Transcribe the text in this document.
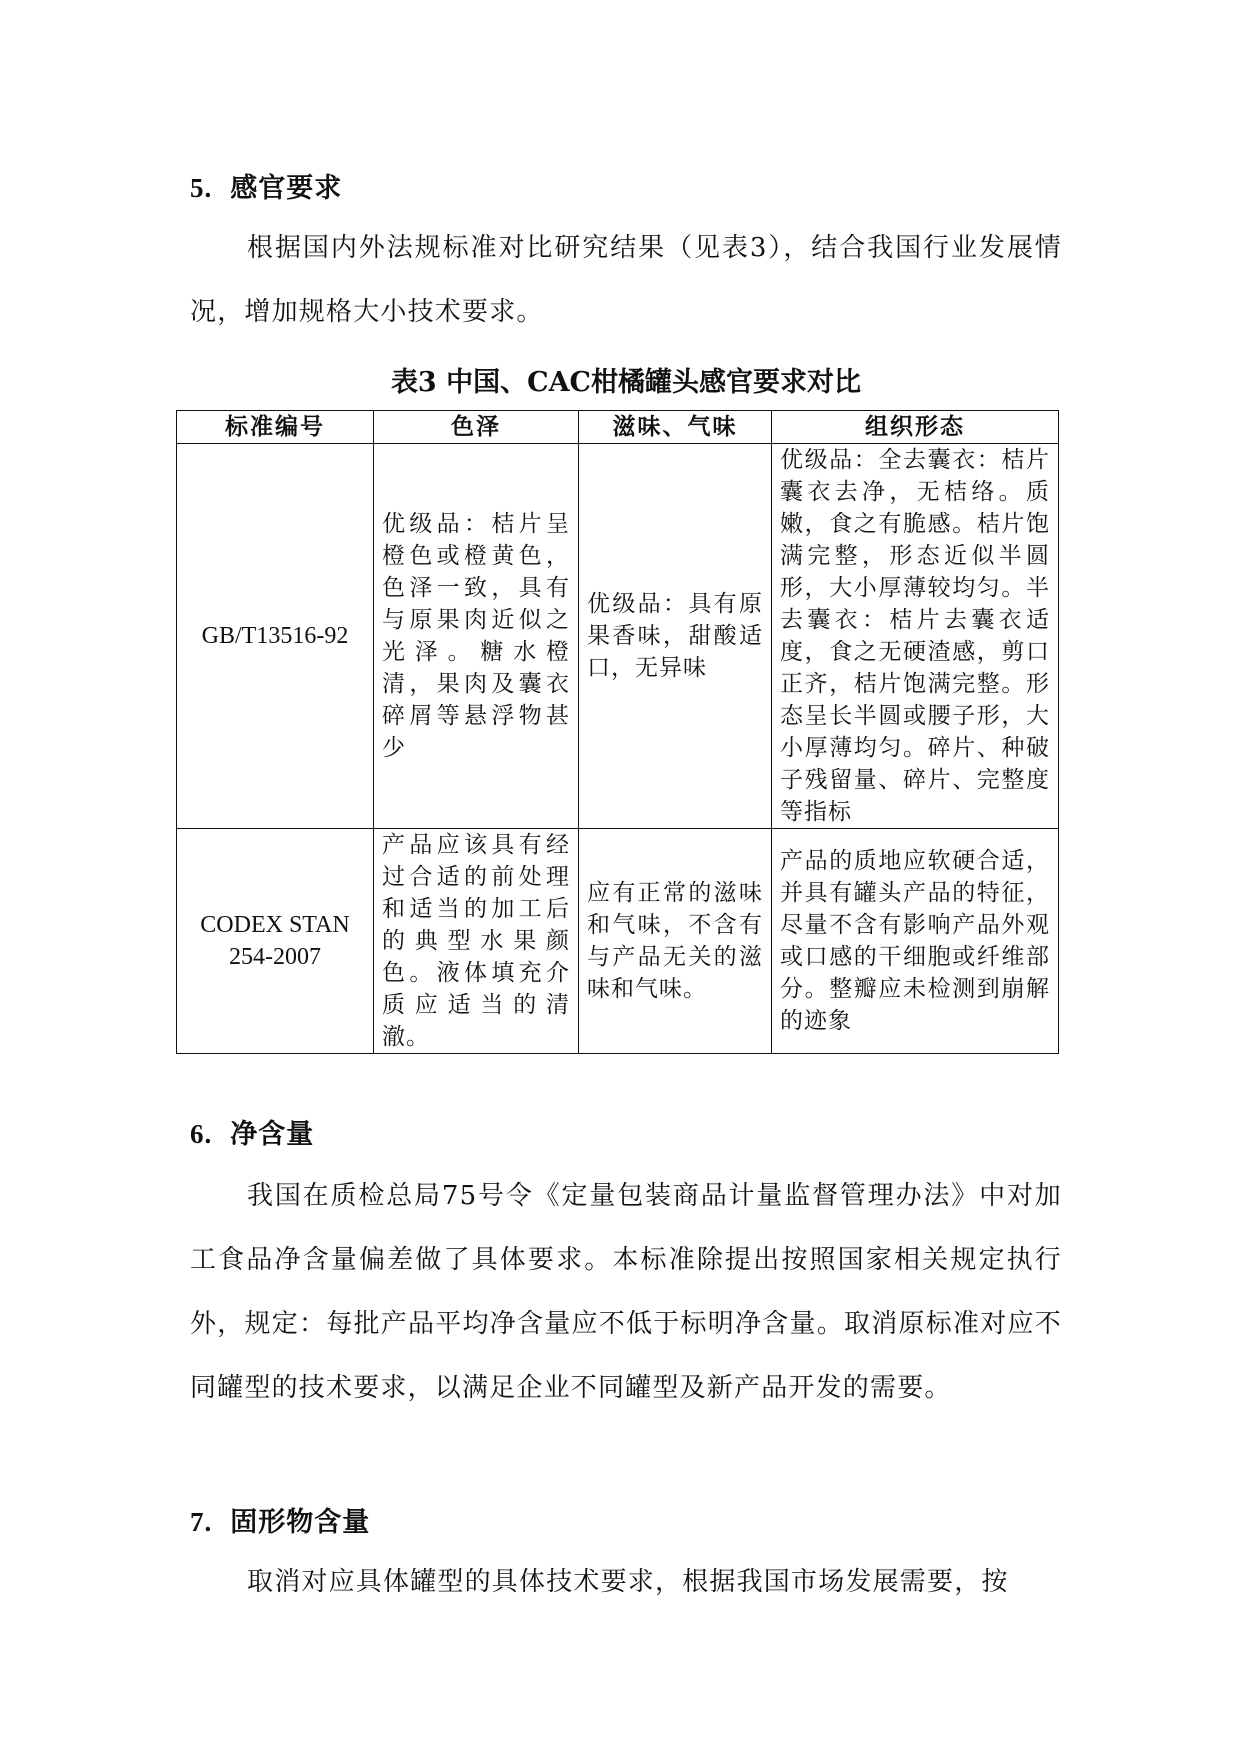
5. 感官要求
根据国内外法规标准对比研究结果（见表3），结合我国行业发展情况，增加规格大小技术要求。
表3 中国、CAC柑橘罐头感官要求对比
标准编号	色泽	滋味、气味	组织形态
GB/T13516-92	优级品：桔片呈橙色或橙黄色，色泽一致，具有与原果肉近似之光泽。糖水橙清，果肉及囊衣碎屑等悬浮物甚少	优级品：具有原果香味，甜酸适口，无异味	优级品：全去囊衣：桔片囊衣去净，无桔络。质嫩，食之有脆感。桔片饱满完整，形态近似半圆形，大小厚薄较均匀。半去囊衣：桔片去囊衣适度，食之无硬渣感，剪口正齐，桔片饱满完整。形态呈长半圆或腰子形，大小厚薄均匀。碎片、种破子残留量、碎片、完整度等指标

CODEX STAN
254-2007	产品应该具有经过合适的前处理和适当的加工后的典型水果颜色。液体填充介质应适当的清澈。	应有正常的滋味和气味，不含有与产品无关的滋味和气味。	产品的质地应软硬合适，并具有罐头产品的特征，尽量不含有影响产品外观或口感的干细胞或纤维部分。整瓣应未检测到崩解的迹象
6. 净含量
我国在质检总局75号令《定量包装商品计量监督管理办法》中对加工食品净含量偏差做了具体要求。本标准除提出按照国家相关规定执行外，规定：每批产品平均净含量应不低于标明净含量。取消原标准对应不同罐型的技术要求，以满足企业不同罐型及新产品开发的需要。
7. 固形物含量
取消对应具体罐型的具体技术要求，根据我国市场发展需要，按
